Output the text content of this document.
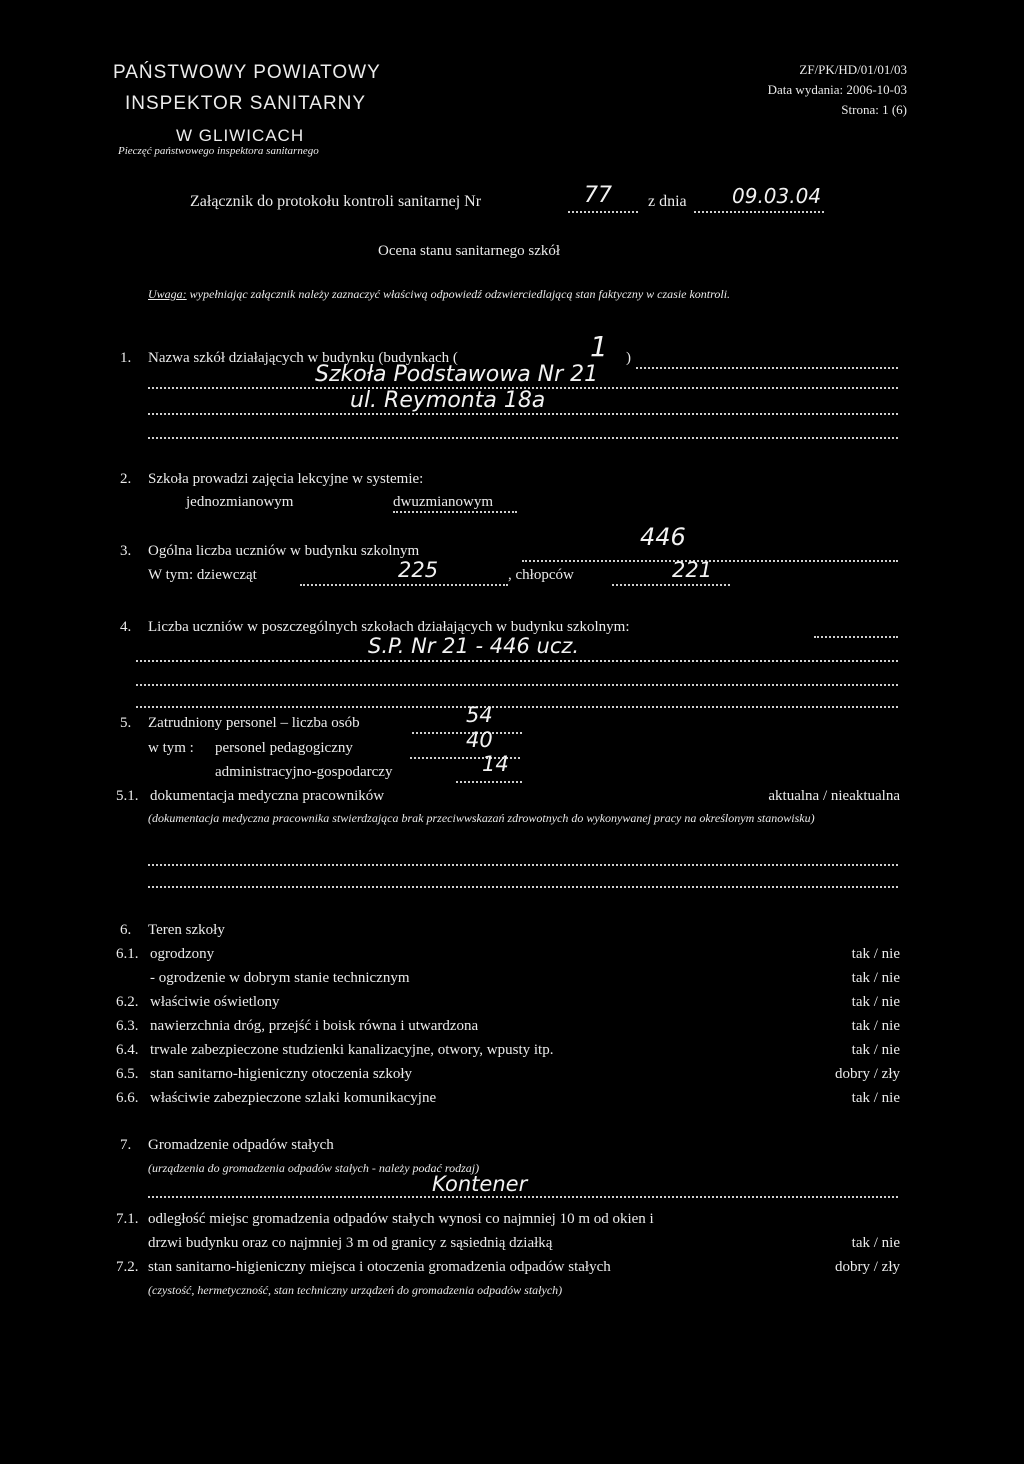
PAŃSTWOWY POWIATOWY
INSPEKTOR SANITARNY
W GLIWICACH
Pieczęć państwowego inspektora sanitarnego
ZF/PK/HD/01/01/03
Data wydania: 2006-10-03
Strona: 1 (6)
Załącznik do protokołu kontroli sanitarnej Nr	77 z dnia 09.03.04
Ocena stanu sanitarnego szkół
Uwaga: wypełniając załącznik należy zaznaczyć właściwą odpowiedź odzwierciedlającą stan faktyczny w czasie kontroli.
1. Nazwa szkół działających w budynku (budynkach (	1 )
Szkoła Podstawowa Nr 21
ul. Reymonta 18a
2. Szkoła prowadzi zajęcia lekcyjne w systemie:
jednozmianowym	dwuzmianowym
3. Ogólna liczba uczniów w budynku szkolnym	446
W tym: dziewcząt	225	, chłopców	221
4. Liczba uczniów w poszczególnych szkołach działających w budynku szkolnym:
S.P. Nr 21 - 446 ucz.
5. Zatrudniony personel – liczba osób	54
w tym : personel pedagogiczny	40
administracyjno-gospodarczy	14
5.1. dokumentacja medyczna pracowników	aktualna / nieaktualna
(dokumentacja medyczna pracownika stwierdzająca brak przeciwwskazań zdrowotnych do wykonywanej pracy na określonym stanowisku)
6. Teren szkoły
6.1. ogrodzony	tak / nie
- ogrodzenie w dobrym stanie technicznym	tak / nie
6.2. właściwie oświetlony	tak / nie
6.3. nawierzchnia dróg, przejść i boisk równa i utwardzona	tak / nie
6.4. trwale zabezpieczone studzienki kanalizacyjne, otwory, wpusty itp.	tak / nie
6.5. stan sanitarno-higieniczny otoczenia szkoły	dobry / zły
6.6. właściwie zabezpieczone szlaki komunikacyjne	tak / nie
7. Gromadzenie odpadów stałych
(urządzenia do gromadzenia odpadów stałych - należy podać rodzaj)
Kontener
7.1. odległość miejsc gromadzenia odpadów stałych wynosi co najmniej 10 m od okien i
drzwi budynku oraz co najmniej 3 m od granicy z sąsiednią działką	tak / nie
7.2. stan sanitarno-higieniczny miejsca i otoczenia gromadzenia odpadów stałych	dobry / zły
(czystość, hermetyczność, stan techniczny urządzeń do gromadzenia odpadów stałych)
